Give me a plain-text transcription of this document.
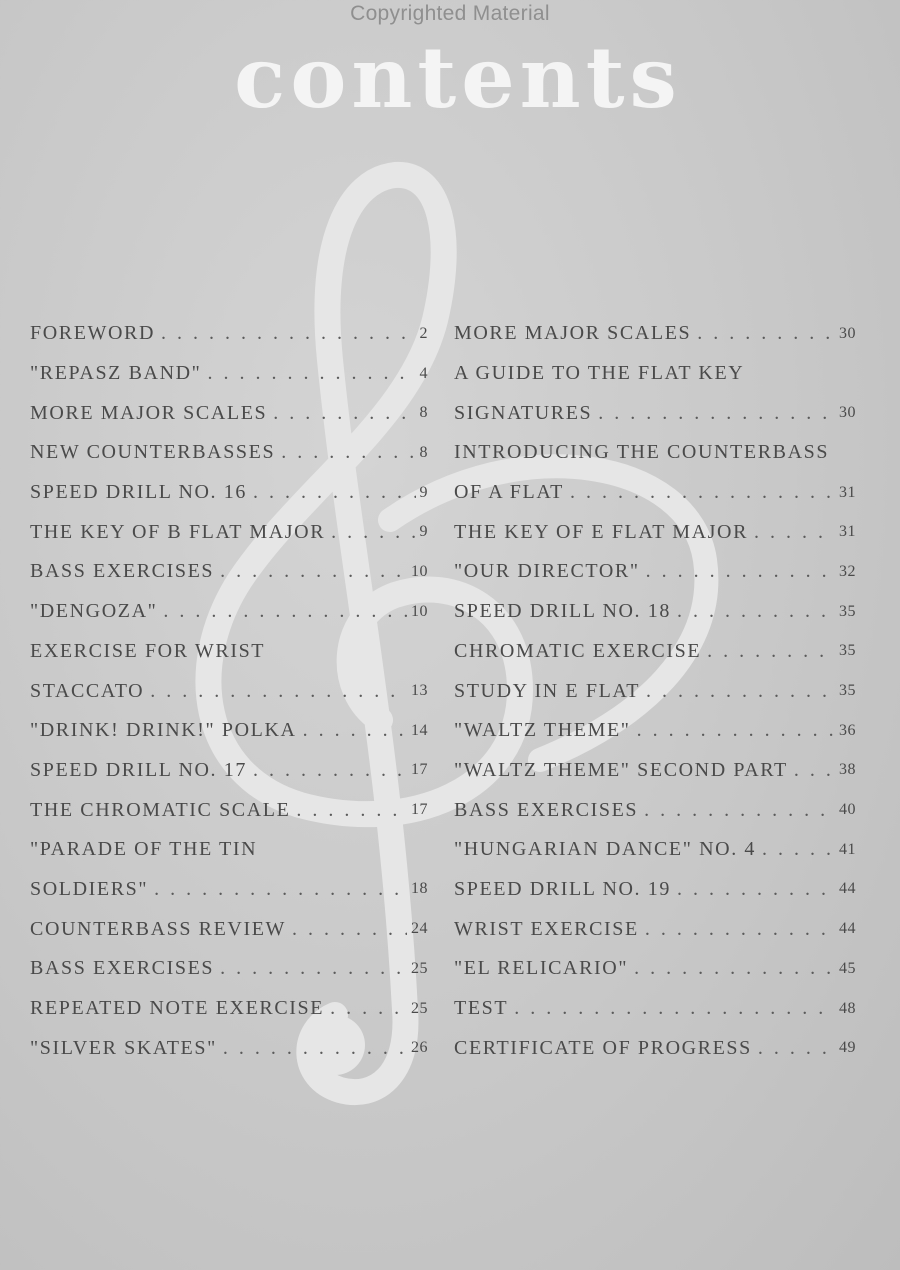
Copyrighted Material
contents
FOREWORD . . .	2
"REPASZ BAND" . . .	4
MORE MAJOR SCALES . . .	8
NEW COUNTERBASSES . . .	8
SPEED DRILL NO. 16 . . .	9
THE KEY OF B FLAT MAJOR . . .	9
BASS EXERCISES . . .	10
"DENGOZA" . . .	10
EXERCISE FOR WRIST
STACCATO . . .	13
"DRINK! DRINK!" POLKA . . .	14
SPEED DRILL NO. 17 . . .	17
THE CHROMATIC SCALE . . .	17
"PARADE OF THE TIN
SOLDIERS" . . .	18
COUNTERBASS REVIEW . . .	24
BASS EXERCISES . . .	25
REPEATED NOTE EXERCISE . . .	25
"SILVER SKATES" . . .	26
MORE MAJOR SCALES . . .	30
A GUIDE TO THE FLAT KEY
SIGNATURES . . .	30
INTRODUCING THE COUNTERBASS
OF A FLAT . . .	31
THE KEY OF E FLAT MAJOR . . .	31
"OUR DIRECTOR" . . .	32
SPEED DRILL NO. 18 . . .	35
CHROMATIC EXERCISE . . .	35
STUDY IN E FLAT . . .	35
"WALTZ THEME" . . .	36
"WALTZ THEME" SECOND PART . . .	38
BASS EXERCISES . . .	40
"HUNGARIAN DANCE" NO. 4 . . .	41
SPEED DRILL NO. 19 . . .	44
WRIST EXERCISE . . .	44
"EL RELICARIO" . . .	45
TEST . . .	48
CERTIFICATE OF PROGRESS . . .	49
